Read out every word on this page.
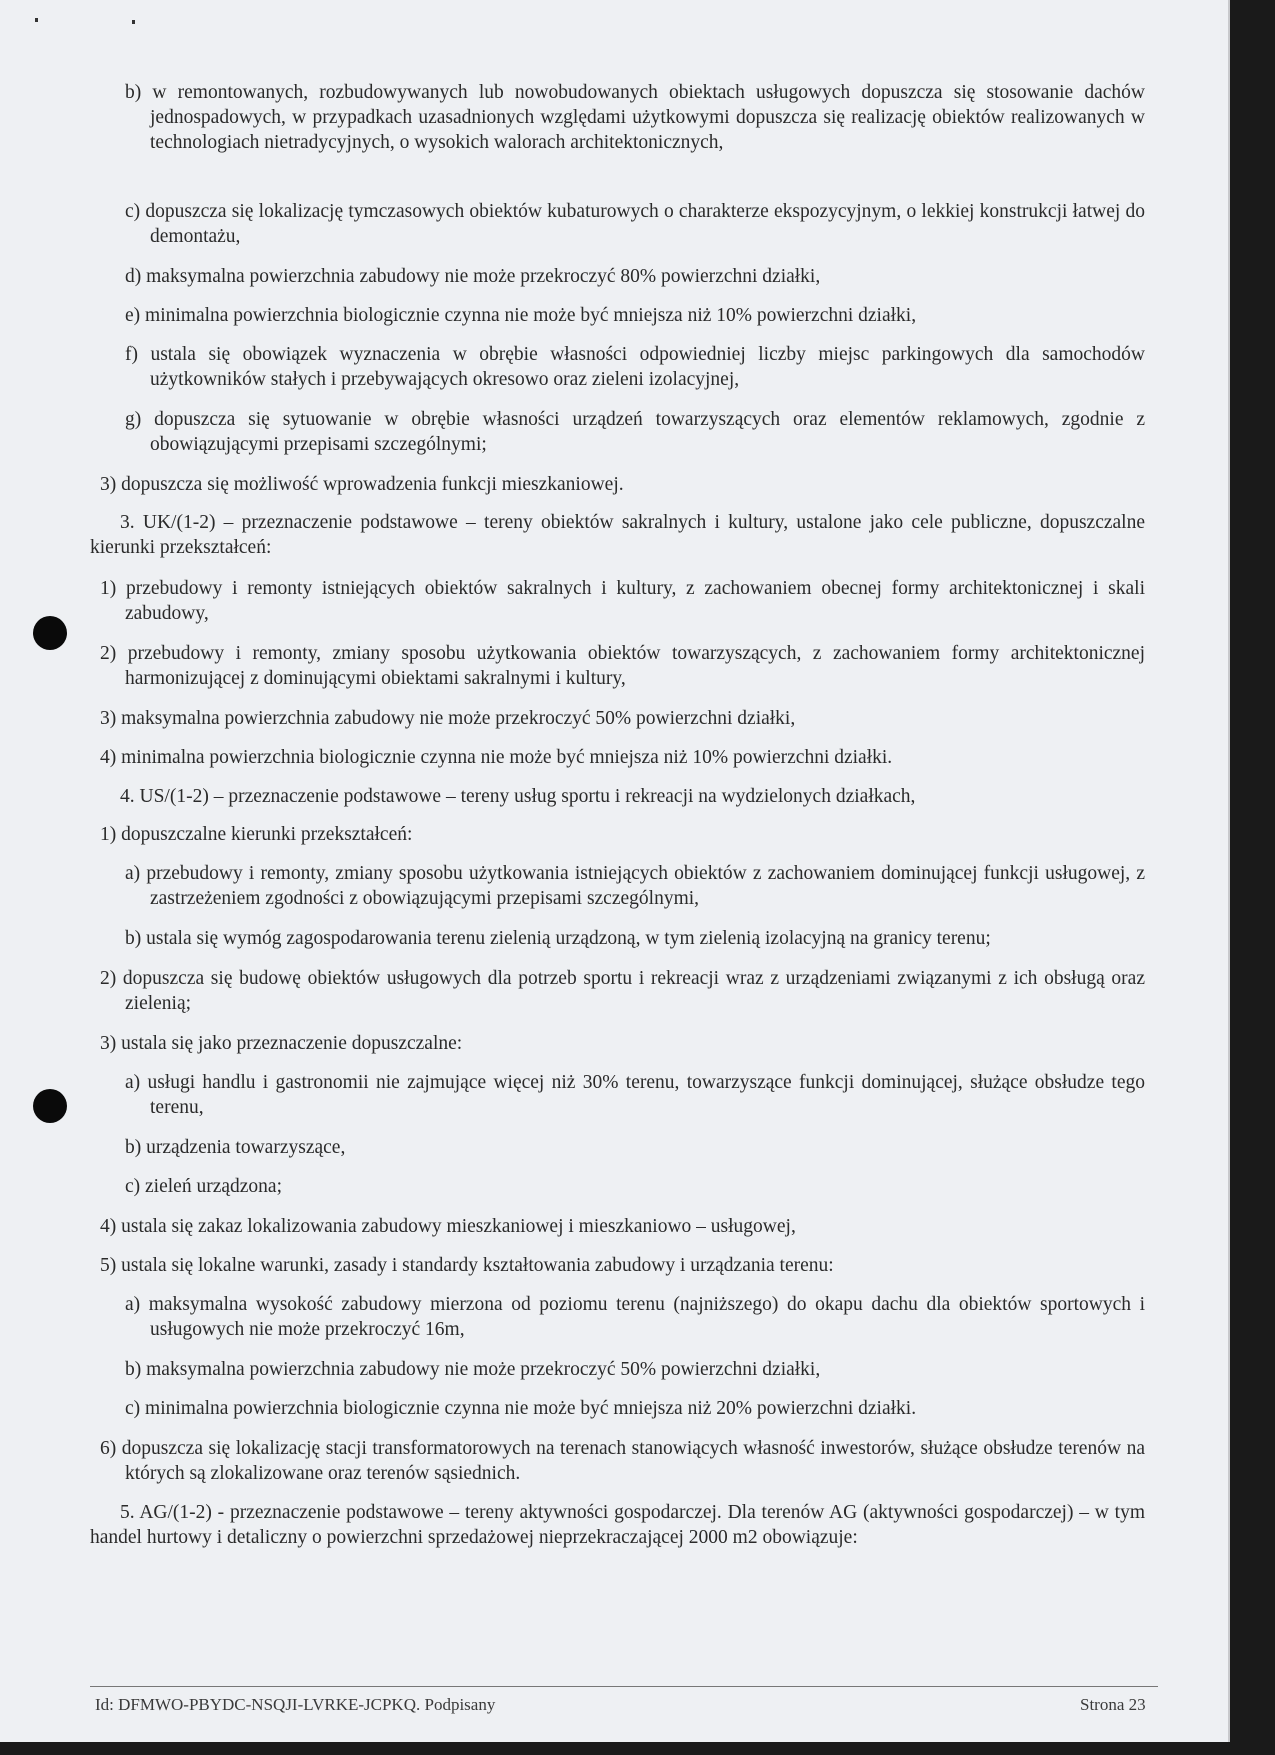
b) w remontowanych, rozbudowywanych lub nowobudowanych obiektach usługowych dopuszcza się stosowanie dachów jednospadowych, w przypadkach uzasadnionych względami użytkowymi dopuszcza się realizację obiektów realizowanych w technologiach nietradycyjnych, o wysokich walorach architektonicznych,
c) dopuszcza się lokalizację tymczasowych obiektów kubaturowych o charakterze ekspozycyjnym, o lekkiej konstrukcji łatwej do demontażu,
d) maksymalna powierzchnia zabudowy nie może przekroczyć 80% powierzchni działki,
e) minimalna powierzchnia biologicznie czynna nie może być mniejsza niż 10% powierzchni działki,
f) ustala się obowiązek wyznaczenia w obrębie własności odpowiedniej liczby miejsc parkingowych dla samochodów użytkowników stałych i przebywających okresowo oraz zieleni izolacyjnej,
g) dopuszcza się sytuowanie w obrębie własności urządzeń towarzyszących oraz elementów reklamowych, zgodnie z obowiązującymi przepisami szczególnymi;
3) dopuszcza się możliwość wprowadzenia funkcji mieszkaniowej.
3. UK/(1-2) – przeznaczenie podstawowe – tereny obiektów sakralnych i kultury, ustalone jako cele publiczne, dopuszczalne kierunki przekształceń:
1) przebudowy i remonty istniejących obiektów sakralnych i kultury, z zachowaniem obecnej formy architektonicznej i skali zabudowy,
2) przebudowy i remonty, zmiany sposobu użytkowania obiektów towarzyszących, z zachowaniem formy architektonicznej harmonizującej z dominującymi obiektami sakralnymi i kultury,
3) maksymalna powierzchnia zabudowy nie może przekroczyć 50% powierzchni działki,
4) minimalna powierzchnia biologicznie czynna nie może być mniejsza niż 10% powierzchni działki.
4. US/(1-2) – przeznaczenie podstawowe – tereny usług sportu i rekreacji na wydzielonych działkach,
1) dopuszczalne kierunki przekształceń:
a) przebudowy i remonty, zmiany sposobu użytkowania istniejących obiektów z zachowaniem dominującej funkcji usługowej, z zastrzeżeniem zgodności z obowiązującymi przepisami szczególnymi,
b) ustala się wymóg zagospodarowania terenu zielenią urządzoną, w tym zielenią izolacyjną na granicy terenu;
2) dopuszcza się budowę obiektów usługowych dla potrzeb sportu i rekreacji wraz z urządzeniami związanymi z ich obsługą oraz zielenią;
3) ustala się jako przeznaczenie dopuszczalne:
a) usługi handlu i gastronomii nie zajmujące więcej niż 30% terenu, towarzyszące funkcji dominującej, służące obsłudze tego terenu,
b) urządzenia towarzyszące,
c) zieleń urządzona;
4) ustala się zakaz lokalizowania zabudowy mieszkaniowej i mieszkaniowo – usługowej,
5) ustala się lokalne warunki, zasady i standardy kształtowania zabudowy i urządzania terenu:
a) maksymalna wysokość zabudowy mierzona od poziomu terenu (najniższego) do okapu dachu dla obiektów sportowych i usługowych nie może przekroczyć 16m,
b) maksymalna powierzchnia zabudowy nie może przekroczyć 50% powierzchni działki,
c) minimalna powierzchnia biologicznie czynna nie może być mniejsza niż 20% powierzchni działki.
6) dopuszcza się lokalizację stacji transformatorowych na terenach stanowiących własność inwestorów, służące obsłudze terenów na których są zlokalizowane oraz terenów sąsiednich.
5. AG/(1-2) - przeznaczenie podstawowe – tereny aktywności gospodarczej. Dla terenów AG (aktywności gospodarczej) – w tym handel hurtowy i detaliczny o powierzchni sprzedażowej nieprzekraczającej 2000 m2 obowiązuje:
Id: DFMWO-PBYDC-NSQJI-LVRKE-JCPKQ. Podpisany	Strona 23
